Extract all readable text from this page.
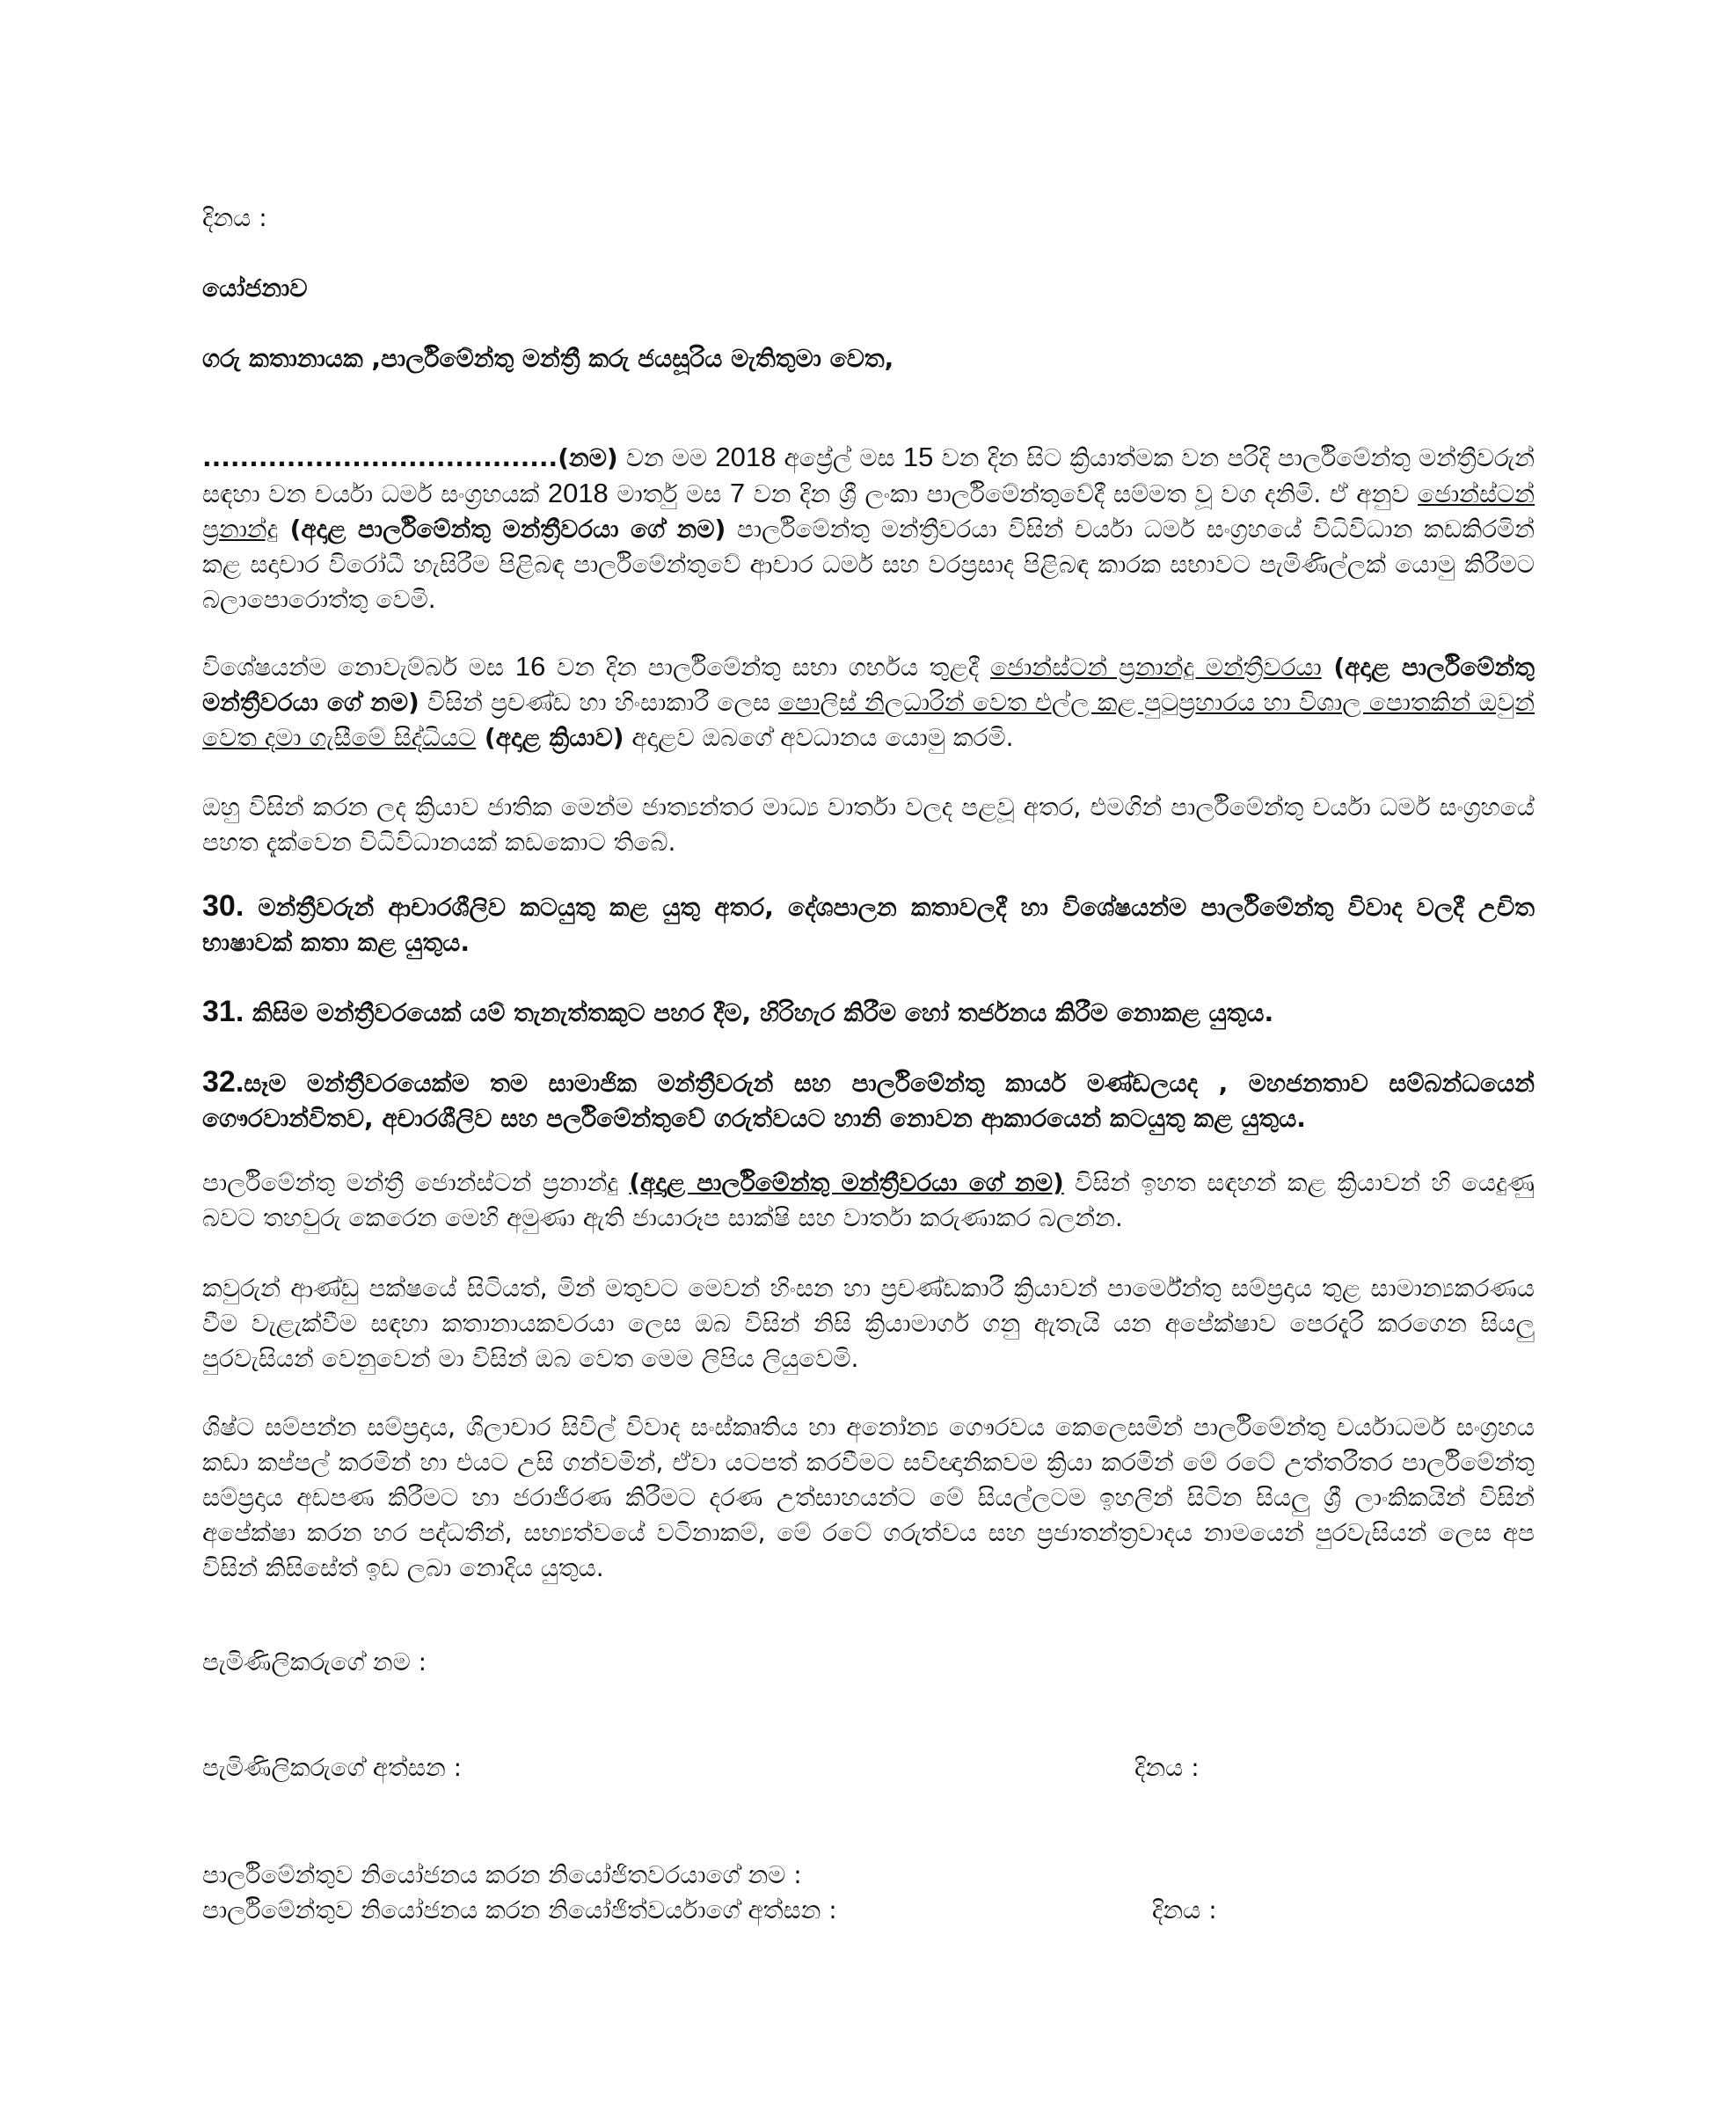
දිනය :
යෝජනාව
ගරු කතානායක ,පාර්ලිමේන්තු මන්ත්‍රී කරු ජයසූරිය මැතිතුමා වෙත,

......................................(නම) වන මම 2018 අප්‍රේල් මස 15 වන දින සිට ක්‍රියාත්මක වන පරිදි පාර්ලිමේන්තු මන්ත්‍රීවරුන් සඳහා වන චර්යා ධර්ම සංග්‍රහයක් 2018 මාර්තු මස 7 වන දින ශ්‍රී ලංකා පාර්ලිමේන්තුවේදී සම්මත වූ වග දනිමි. ඒ අනුව ජොන්ස්ටන් ප්‍රනාන්දු (අදාළ පාර්ලිමේන්තු මන්ත්‍රීවරයා ගේ නම) පාර්ලිමේන්තු මන්ත්‍රීවරයා විසින් චර්යා ධර්ම සංග්‍රහයේ විධිවිධාන කඩකිරමින් කළ සදාචාර විරෝධී හැසිරීම පිළිබඳ පාර්ලිමේන්තුවේ ආචාර ධර්ම සහ වරප්‍රසාද පිළිබඳ කාරක සභාවට පැමිණිල්ලක් යොමු කිරීමට බලාපොරොත්තු වෙමි.

විශේෂයන්ම නොවැම්බර් මස 16 වන දින පාර්ලිමේන්තු සභා ගර්භය තුළදී ජොන්ස්ටන් ප්‍රනාන්දු මන්ත්‍රීවරයා (අදාළ පාර්ලිමේන්තු මන්ත්‍රීවරයා ගේ නම) විසින් ප්‍රචණ්ඩ හා හිංසාකාරී ලෙස පොලිස් නිලධාරින් වෙත එල්ල කළ පුටුප්‍රහාරය හා විශාල පොතකින් ඔවුන් වෙත දමා ගැසීමේ සිද්ධියට (අදාළ ක්‍රියාව) අදාළව ඔබගේ අවධානය යොමු කරමි.

ඔහු විසින් කරන ලද ක්‍රියාව ජාතික මෙන්ම ජාත්‍යන්තර මාධ්‍ය වාර්තා වලද පළවූ අතර, එමගින් පාර්ලිමේන්තු චර්යා ධර්ම සංග්‍රහයේ පහත දැක්වෙන විධිවිධානයක් කඩකොට තිබේ.

30. මන්ත්‍රීවරුන් ආචාරශීලිව කටයුතු කළ යුතු අතර, දේශපාලන කතාවලදී හා විශේෂයන්ම පාර්ලිමේන්තු විවාද වලදී උචිත භාෂාවක් කතා කළ යුතුය.

31. කිසිම මන්ත්‍රීවරයෙක් යම් තැනැත්තකුට පහර දීම, හිරිහැර කිරීම හෝ තර්ජනය කිරීම නොකළ යුතුය.

32.සෑම මන්ත්‍රීවරයෙක්ම තම සාමාජික මන්ත්‍රීවරුන් සහ පාර්ලිමේන්තු කාර්ය මණ්ඩලයද , මහජනතාව සම්බන්ධයෙන් ගෞරවාන්විතව, අචාරශීලිව සහ පර්ලිමේන්තුවේ ගරුත්වයට හානි නොවන ආකාරයෙන් කටයුතු කළ යුතුය.

පාර්ලිමේන්තු මන්ත්‍රී ජොන්ස්ටන් ප්‍රනාන්දු (අදාළ පාර්ලිමේන්තු මන්ත්‍රීවරයා ගේ නම) විසින් ඉහත සඳහන් කළ ක්‍රියාවන් හි යෙදුණු බවට තහවුරු කෙරෙන මෙහි අමුණා ඇති ජායාරූප සාක්ෂි සහ වාර්තා කරුණාකර බලන්න.

කවුරුන් ආණ්ඩු පක්ෂයේ සිටියත්, මින් මතුවට මෙවන් හිංසන හා ප්‍රචණ්ඩකාරී ක්‍රියාවන් පාර්මේන්තු සම්ප්‍රදාය තුළ සාමාන්‍යකරණය වීම වැළැක්වීම සඳහා කතානායකවරයා ලෙස ඔබ විසින් නිසි ක්‍රියාමාර්ග ගනු ඇතැයි යන අපේක්ෂාව පෙරදැරි කරගෙන සියලු පුරවැසියන් වෙනුවෙන් මා විසින් ඔබ වෙත මෙම ලිපිය ලියුවෙමි.

ශිෂ්ට සම්පන්න සම්ප්‍රදාය, ශිලාචාර සිවිල් විවාද සංස්කෘතිය හා අනෝන්‍ය ගෞරවය කෙලෙසමින් පාර්ලිමේන්තු චර්යාධර්ම සංග්‍රහය කඩා කප්පල් කරමින් හා එයට උසි ගන්වමින්, ඒවා යටපත් කරවීමට සවිඥානිකවම ක්‍රියා කරමින් මේ රටේ උත්තරීතර පාර්ලිමේන්තු සම්ප්‍රදාය අඩපණ කිරීමට හා ජරාජීරණ කිරීමට දරණ උත්සාහයන්ට මේ සියල්ලටම ඉහලින් සිටින සියලු ශ්‍රී ලාංකිකයින් විසින් අපේක්ෂා කරන හර පද්ධතීන්, සභ්‍යත්වයේ වටිනාකම්, මේ රටේ ගරුත්වය සහ ප්‍රජාතන්ත්‍රවාදය නාමයෙන් පුරවැසියන් ලෙස අප විසින් කිසිසේත් ඉඩ ලබා නොදිය යුතුය.

පැමිණිලිකරුගේ නම :
පැමිණිලිකරුගේ අත්සන :	දිනය :
පාර්ලිමේන්තුව නියෝජනය කරන නියෝජිතවරයාගේ නම :
පාර්ලිමේන්තුව නියෝජනය කරන නියෝජිත්වර්යාගේ අත්සන :	දිනය :
